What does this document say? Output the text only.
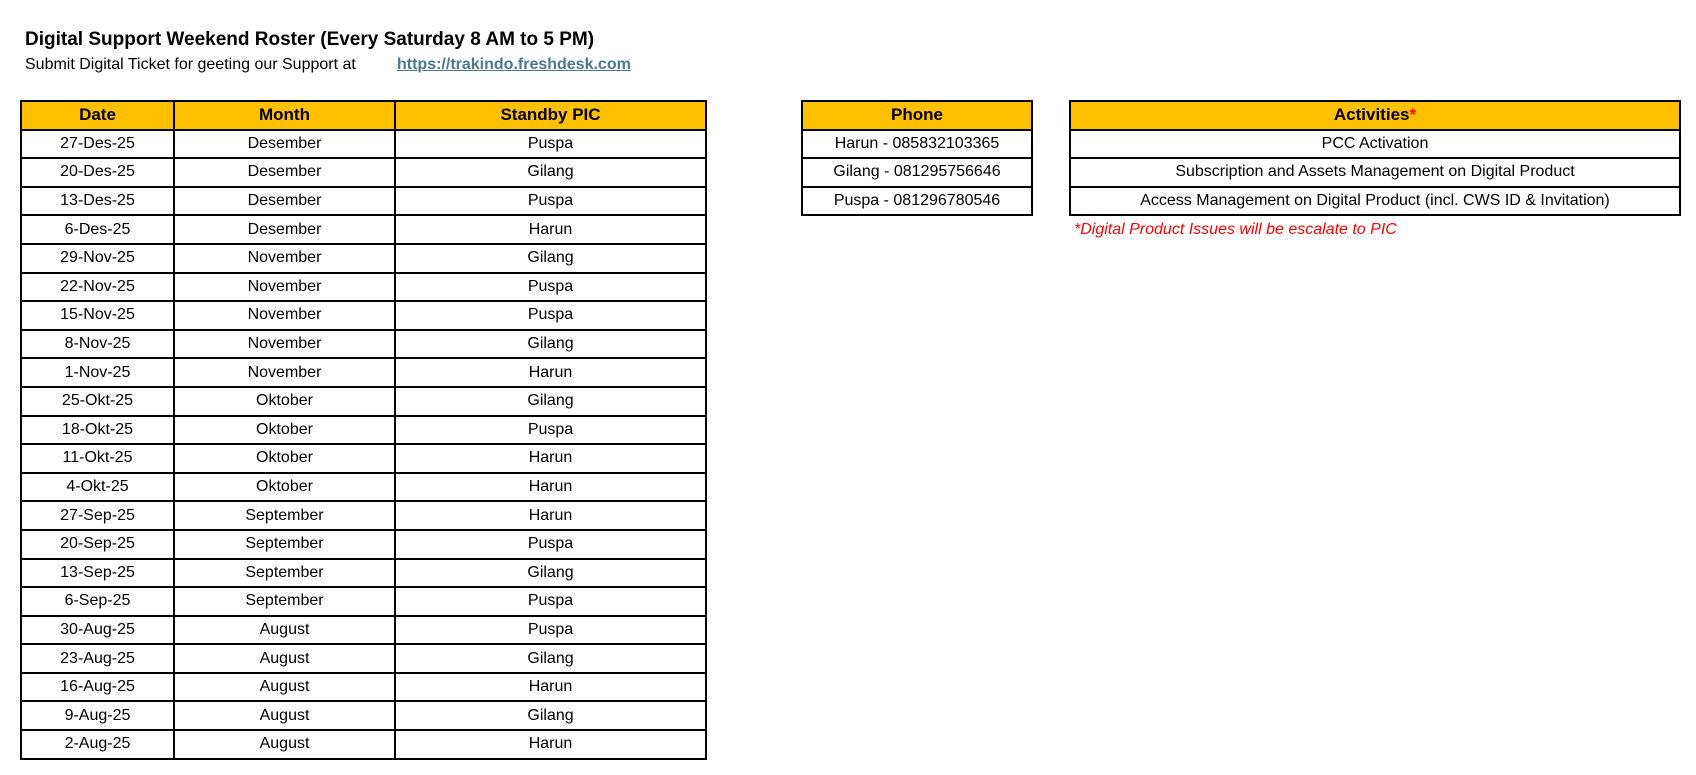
Digital Support Weekend Roster (Every Saturday 8 AM to 5 PM)
Submit Digital Ticket for geeting our Support at	https://trakindo.freshdesk.com
Date	Month	Standby PIC
27-Des-25	Desember	Puspa
20-Des-25	Desember	Gilang
13-Des-25	Desember	Puspa
6-Des-25	Desember	Harun
29-Nov-25	November	Gilang
22-Nov-25	November	Puspa
15-Nov-25	November	Puspa
8-Nov-25	November	Gilang
1-Nov-25	November	Harun
25-Okt-25	Oktober	Gilang
18-Okt-25	Oktober	Puspa
11-Okt-25	Oktober	Harun
4-Okt-25	Oktober	Harun
27-Sep-25	September	Harun
20-Sep-25	September	Puspa
13-Sep-25	September	Gilang
6-Sep-25	September	Puspa
30-Aug-25	August	Puspa
23-Aug-25	August	Gilang
16-Aug-25	August	Harun
9-Aug-25	August	Gilang
2-Aug-25	August	Harun
Phone
Harun - 085832103365
Gilang - 081295756646
Puspa - 081296780546
Activities*
PCC Activation
Subscription and Assets Management on Digital Product
Access Management on Digital Product (incl. CWS ID & Invitation)
*Digital Product Issues will be escalate to PIC
